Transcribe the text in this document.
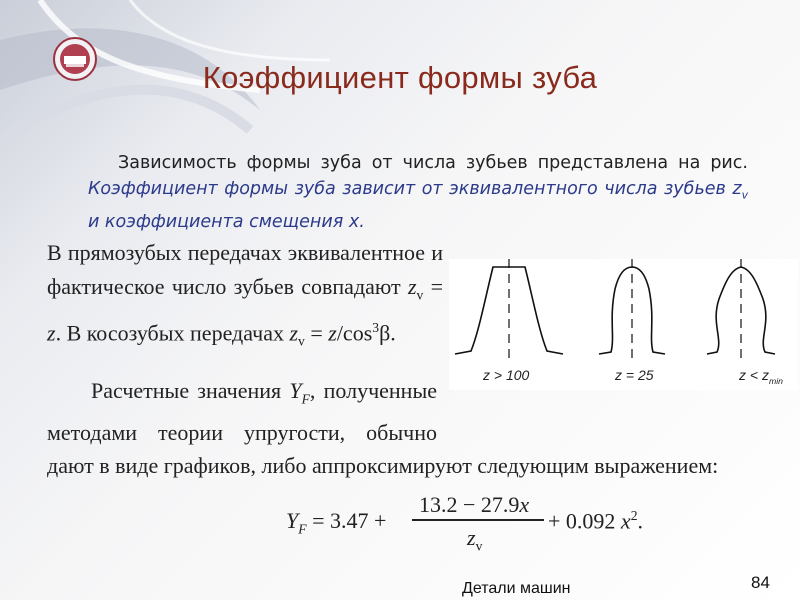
Коэффициент формы зуба
Зависимость формы зуба от числа зубьев представлена на рис. Коэффициент формы зуба зависит от эквивалентного числа зубьев $z_v$ и коэффициента смещения x.

В прямозубых передачах эквивалентное и фактическое число зубьев совпадают $z_v = z$. В косозубых передачах $z_v = z/\cos^3\beta$.

Расчетные значения $Y_F$, полученные методами теории упругости, обычно дают в виде графиков, либо аппроксимируют следующим выражением:

z > 100	z = 25	$z < z_{min}$
$Y_F = 3.47$ +
13.2 − 27.9x
$z_v$
+ 0.092 $x^2$.
Детали машин	84
